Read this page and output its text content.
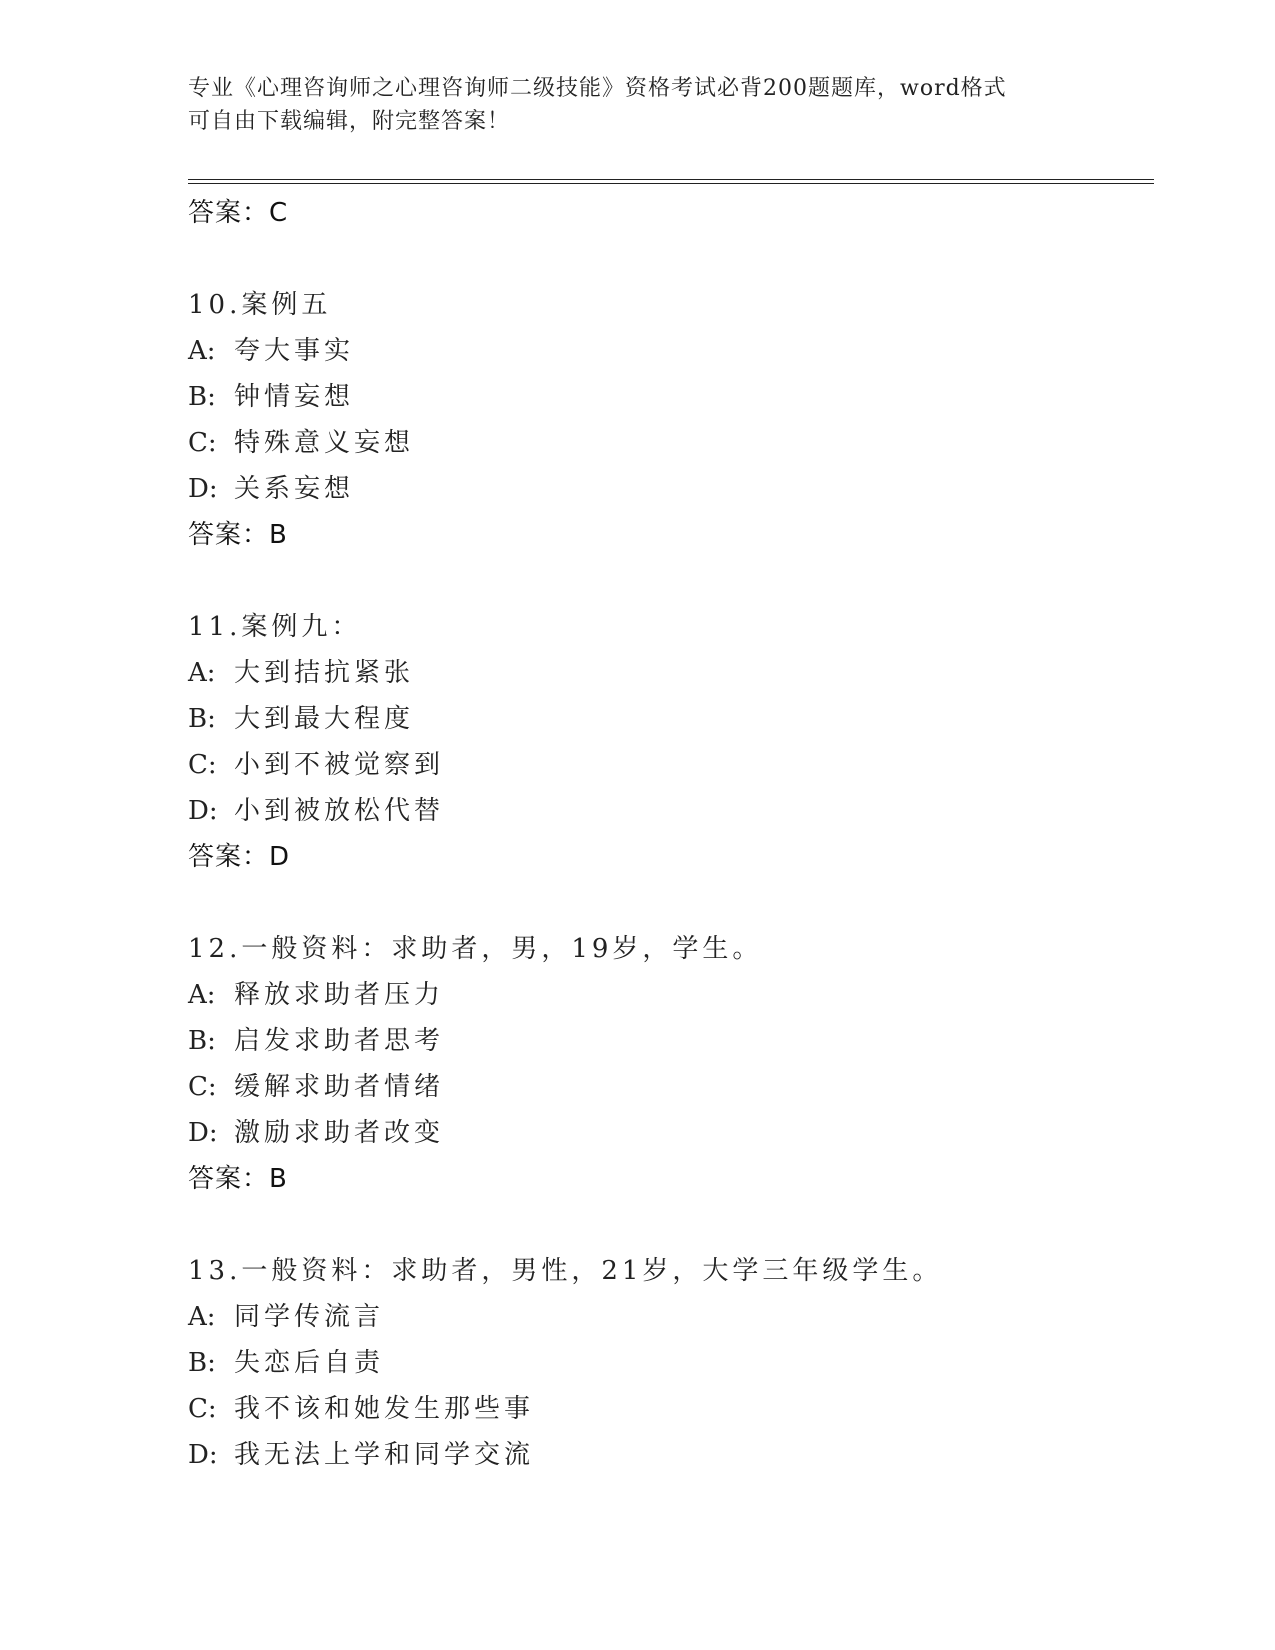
专业《心理咨询师之心理咨询师二级技能》资格考试必背200题题库，word格式
可自由下载编辑，附完整答案！
答案：C
10.案例五
A: 夸大事实
B: 钟情妄想
C: 特殊意义妄想
D: 关系妄想
答案：B
11.案例九：
A: 大到拮抗紧张
B: 大到最大程度
C: 小到不被觉察到
D: 小到被放松代替
答案：D
12.一般资料：求助者，男，19岁，学生。
A: 释放求助者压力
B: 启发求助者思考
C: 缓解求助者情绪
D: 激励求助者改变
答案：B
13.一般资料：求助者，男性，21岁，大学三年级学生。
A: 同学传流言
B: 失恋后自责
C: 我不该和她发生那些事
D: 我无法上学和同学交流
